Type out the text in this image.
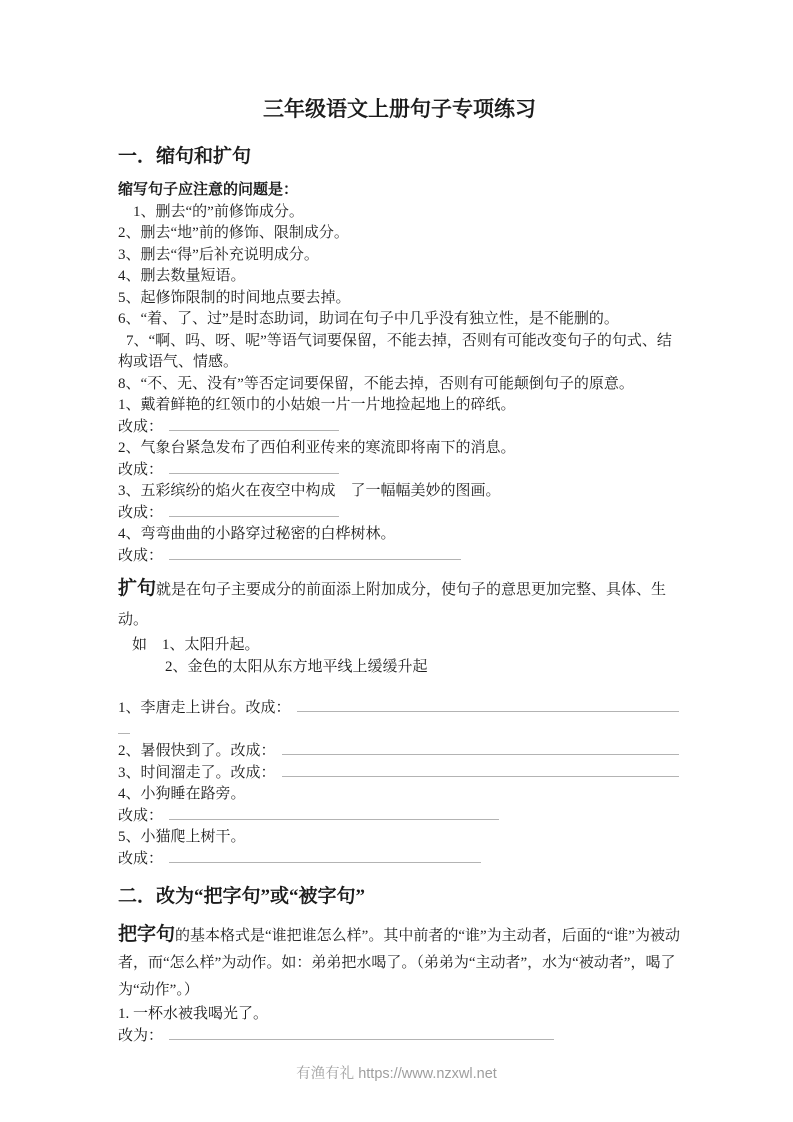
三年级语文上册句子专项练习
一．缩句和扩句
缩写句子应注意的问题是：
1、删去“的”前修饰成分。
2、删去“地”前的修饰、限制成分。
3、删去“得”后补充说明成分。
4、删去数量短语。
5、起修饰限制的时间地点要去掉。
6、“着、了、过”是时态助词，助词在句子中几乎没有独立性，是不能删的。
7、“啊、吗、呀、呢”等语气词要保留，不能去掉，否则有可能改变句子的句式、结构或语气、情感。
8、“不、无、没有”等否定词要保留，不能去掉，否则有可能颠倒句子的原意。
1、戴着鲜艳的红领巾的小姑娘一片一片地捡起地上的碎纸。
改成：
2、气象台紧急发布了西伯利亚传来的寒流即将南下的消息。
改成：
3、五彩缤纷的焰火在夜空中构成　了一幅幅美妙的图画。
改成：
4、弯弯曲曲的小路穿过秘密的白桦树林。
改成：
扩句就是在句子主要成分的前面添上附加成分，使句子的意思更加完整、具体、生动。
如　1、太阳升起。
2、金色的太阳从东方地平线上缓缓升起
1、李唐走上讲台。 改成：
2、暑假快到了。 改成：
3、时间溜走了。 改成：
4、小狗睡在路旁。
改成：
5、小猫爬上树干。
改成：
二．改为“把字句”或“被字句”
把字句的基本格式是“谁把谁怎么样”。其中前者的“谁”为主动者，后面的“谁”为被动者，而“怎么样”为动作。如：弟弟把水喝了。（弟弟为“主动者”，水为“被动者”，喝了为“动作”。）
1. 一杯水被我喝光了。
改为：
有渔有礼 https://www.nzxwl.net
